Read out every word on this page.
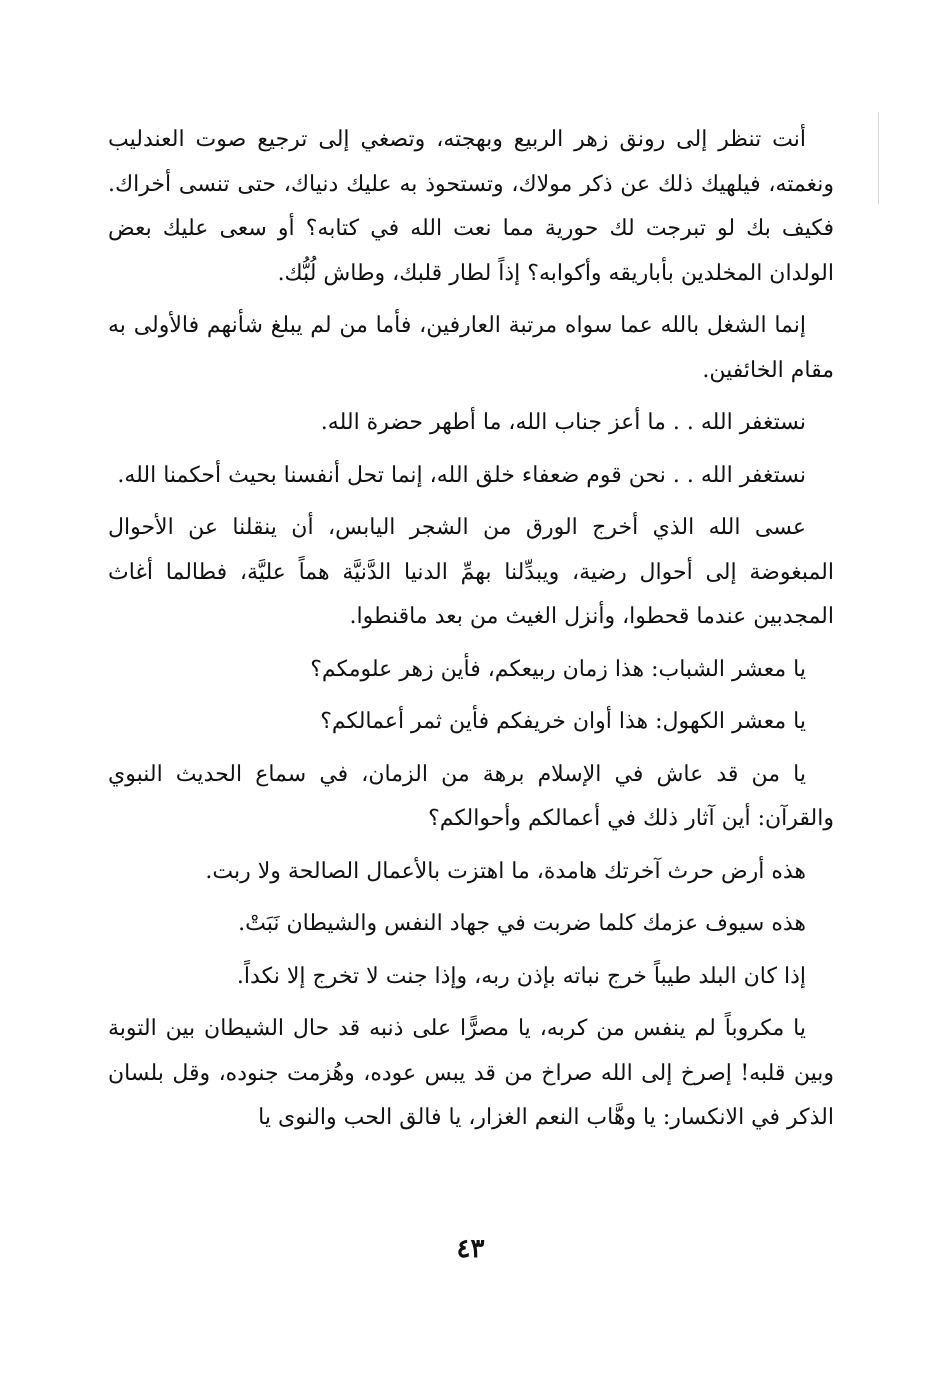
أنت تنظر إلى رونق زهر الربيع وبهجته، وتصغي إلى ترجيع صوت العندليب ونغمته، فيلهيك ذلك عن ذكر مولاك، وتستحوذ به عليك دنياك، حتى تنسى أخراك. فكيف بك لو تبرجت لك حورية مما نعت الله في كتابه؟ أو سعى عليك بعض الولدان المخلدين بأباريقه وأكوابه؟ إذاً لطار قلبك، وطاش لُبُّك.

إنما الشغل بالله عما سواه مرتبة العارفين، فأما من لم يبلغ شأنهم فالأولى به مقام الخائفين.

نستغفر الله . . ما أعز جناب الله، ما أطهر حضرة الله.

نستغفر الله . . نحن قوم ضعفاء خلق الله، إنما تحل أنفسنا بحيث أحكمنا الله.

عسى الله الذي أخرج الورق من الشجر اليابس، أن ينقلنا عن الأحوال المبغوضة إلى أحوال رضية، ويبدِّلنا بهمِّ الدنيا الدَّنيَّة هماً عليَّة، فطالما أغاث المجدبين عندما قحطوا، وأنزل الغيث من بعد ماقنطوا.

يا معشر الشباب: هذا زمان ربيعكم، فأين زهر علومكم؟

يا معشر الكهول: هذا أوان خريفكم فأين ثمر أعمالكم؟

يا من قد عاش في الإسلام برهة من الزمان، في سماع الحديث النبوي والقرآن: أين آثار ذلك في أعمالكم وأحوالكم؟

هذه أرض حرث آخرتك هامدة، ما اهتزت بالأعمال الصالحة ولا ربت.

هذه سيوف عزمك كلما ضربت في جهاد النفس والشيطان نَبَتْ.

إذا كان البلد طيباً خرج نباته بإذن ربه، وإذا جنت لا تخرج إلا نكداً.

يا مكروباً لم ينفس من كربه، يا مصرًّا على ذنبه قد حال الشيطان بين التوبة وبين قلبه! إصرخ إلى الله صراخ من قد يبس عوده، وهُزمت جنوده، وقل بلسان الذكر في الانكسار: يا وهَّاب النعم الغزار، يا فالق الحب والنوى يا

٤٣
